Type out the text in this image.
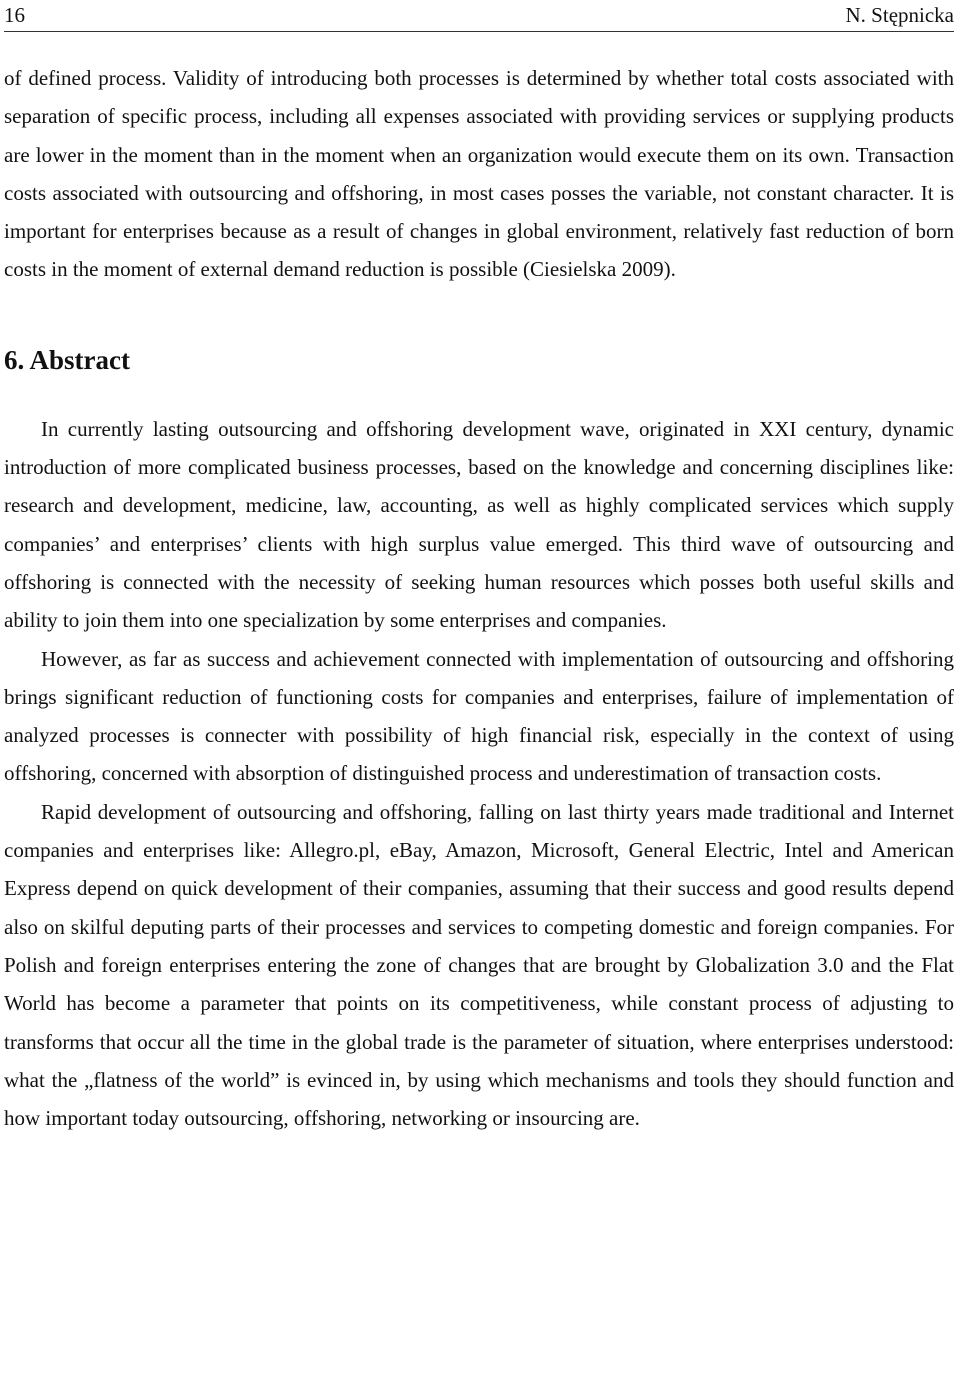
16	N. Stępnicka

of defined process. Validity of introducing both processes is determined by whether total costs associated with separation of specific process, including all expenses associated with providing services or supplying products are lower in the moment than in the moment when an organization would execute them on its own. Transaction costs associated with outsourcing and offshoring, in most cases posses the variable, not constant character. It is important for enterprises because as a result of changes in global environment, relatively fast reduction of born costs in the moment of external demand reduction is possible (Ciesielska 2009).

6. Abstract

In currently lasting outsourcing and offshoring development wave, originated in XXI century, dynamic introduction of more complicated business processes, based on the knowledge and concerning disciplines like: research and development, medicine, law, accounting, as well as highly complicated services which supply companies’ and enterprises’ clients with high surplus value emerged. This third wave of outsourcing and offshoring is connected with the necessity of seeking human resources which posses both useful skills and ability to join them into one specialization by some enterprises and companies.

However, as far as success and achievement connected with implementation of outsourcing and offshoring brings significant reduction of functioning costs for companies and enterprises, failure of implementation of analyzed processes is connecter with possibility of high financial risk, especially in the context of using offshoring, concerned with absorption of distinguished process and underestimation of transaction costs.

Rapid development of outsourcing and offshoring, falling on last thirty years made traditional and Internet companies and enterprises like: Allegro.pl, eBay, Amazon, Microsoft, General Electric, Intel and American Express depend on quick development of their companies, assuming that their success and good results depend also on skilful deputing parts of their processes and services to competing domestic and foreign companies. For Polish and foreign enterprises entering the zone of changes that are brought by Globalization 3.0 and the Flat World has become a parameter that points on its competitiveness, while constant process of adjusting to transforms that occur all the time in the global trade is the parameter of situation, where enterprises understood: what the „flatness of the world” is evinced in, by using which mechanisms and tools they should function and how important today outsourcing, offshoring, networking or insourcing are.
